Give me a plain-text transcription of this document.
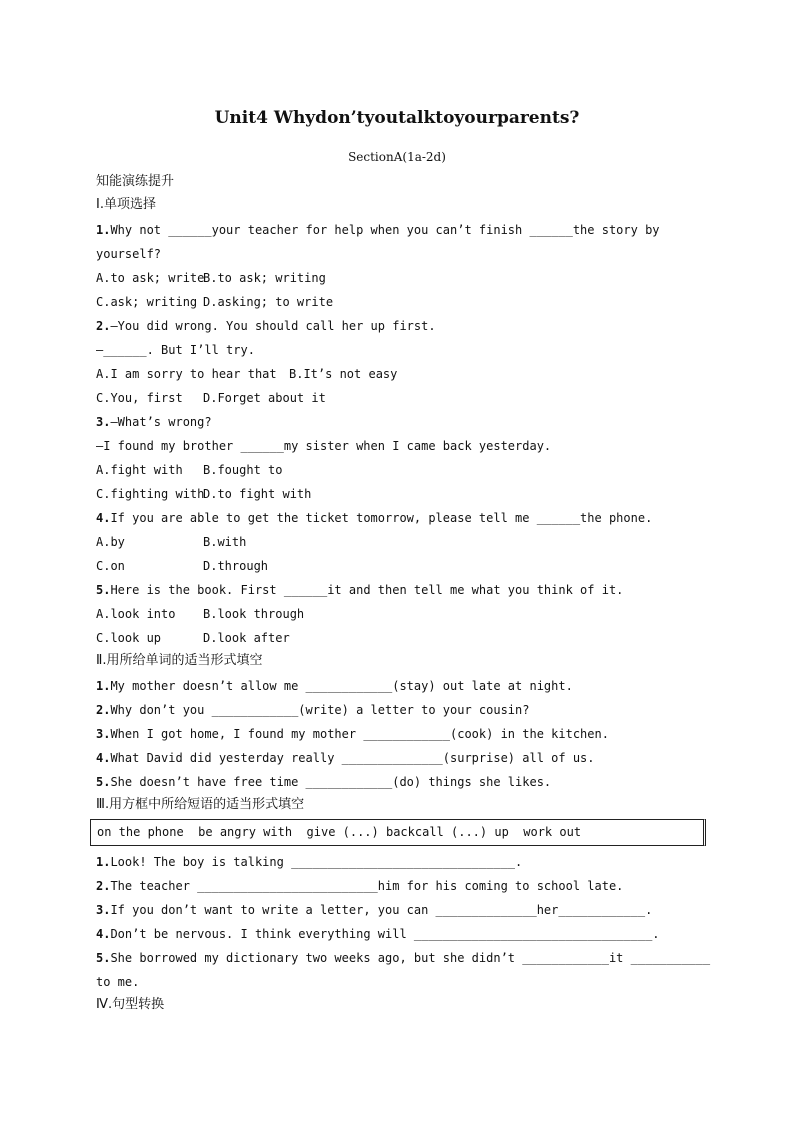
Unit4 Whydon’tyoutalktoyourparents?
SectionA(1a-2d)
知能演练提升
Ⅰ.单项选择
1.Why not ______your teacher for help when you can’t finish ______the story by
yourself?
A.to ask; write
B.to ask; writing
C.ask; writing D.asking; to write
2.—You did wrong. You should call her up first.
—______. But I’ll try.
A.I am sorry to hear that B.It’s not easy
C.You, first D.Forget about it
3.—What’s wrong?
—I found my brother ______my sister when I came back yesterday.
A.fight with B.fought to
C.fighting with
D.to fight with
4.If you are able to get the ticket tomorrow, please tell me ______the phone.
A.by	B.with
C.on	D.through
5.Here is the book. First ______it and then tell me what you think of it.
A.look into B.look through
C.look up	D.look after
Ⅱ.用所给单词的适当形式填空
1.My mother doesn’t allow me ____________(stay) out late at night.
2.Why don’t you ____________(write) a letter to your cousin?
3.When I got home, I found my mother ____________(cook) in the kitchen.
4.What David did yesterday really ______________(surprise) all of us.
5.She doesn’t have free time ____________(do) things she likes.
Ⅲ.用方框中所给短语的适当形式填空
on the phone  be angry with  give (...) backcall (...) up  work out
1.Look! The boy is talking _______________________________.
2.The teacher _________________________him for his coming to school late.
3.If you don’t want to write a letter, you can ______________her____________.
4.Don’t be nervous. I think everything will _________________________________.
5.She borrowed my dictionary two weeks ago, but she didn’t ____________it ___________
to me.
Ⅳ.句型转换
